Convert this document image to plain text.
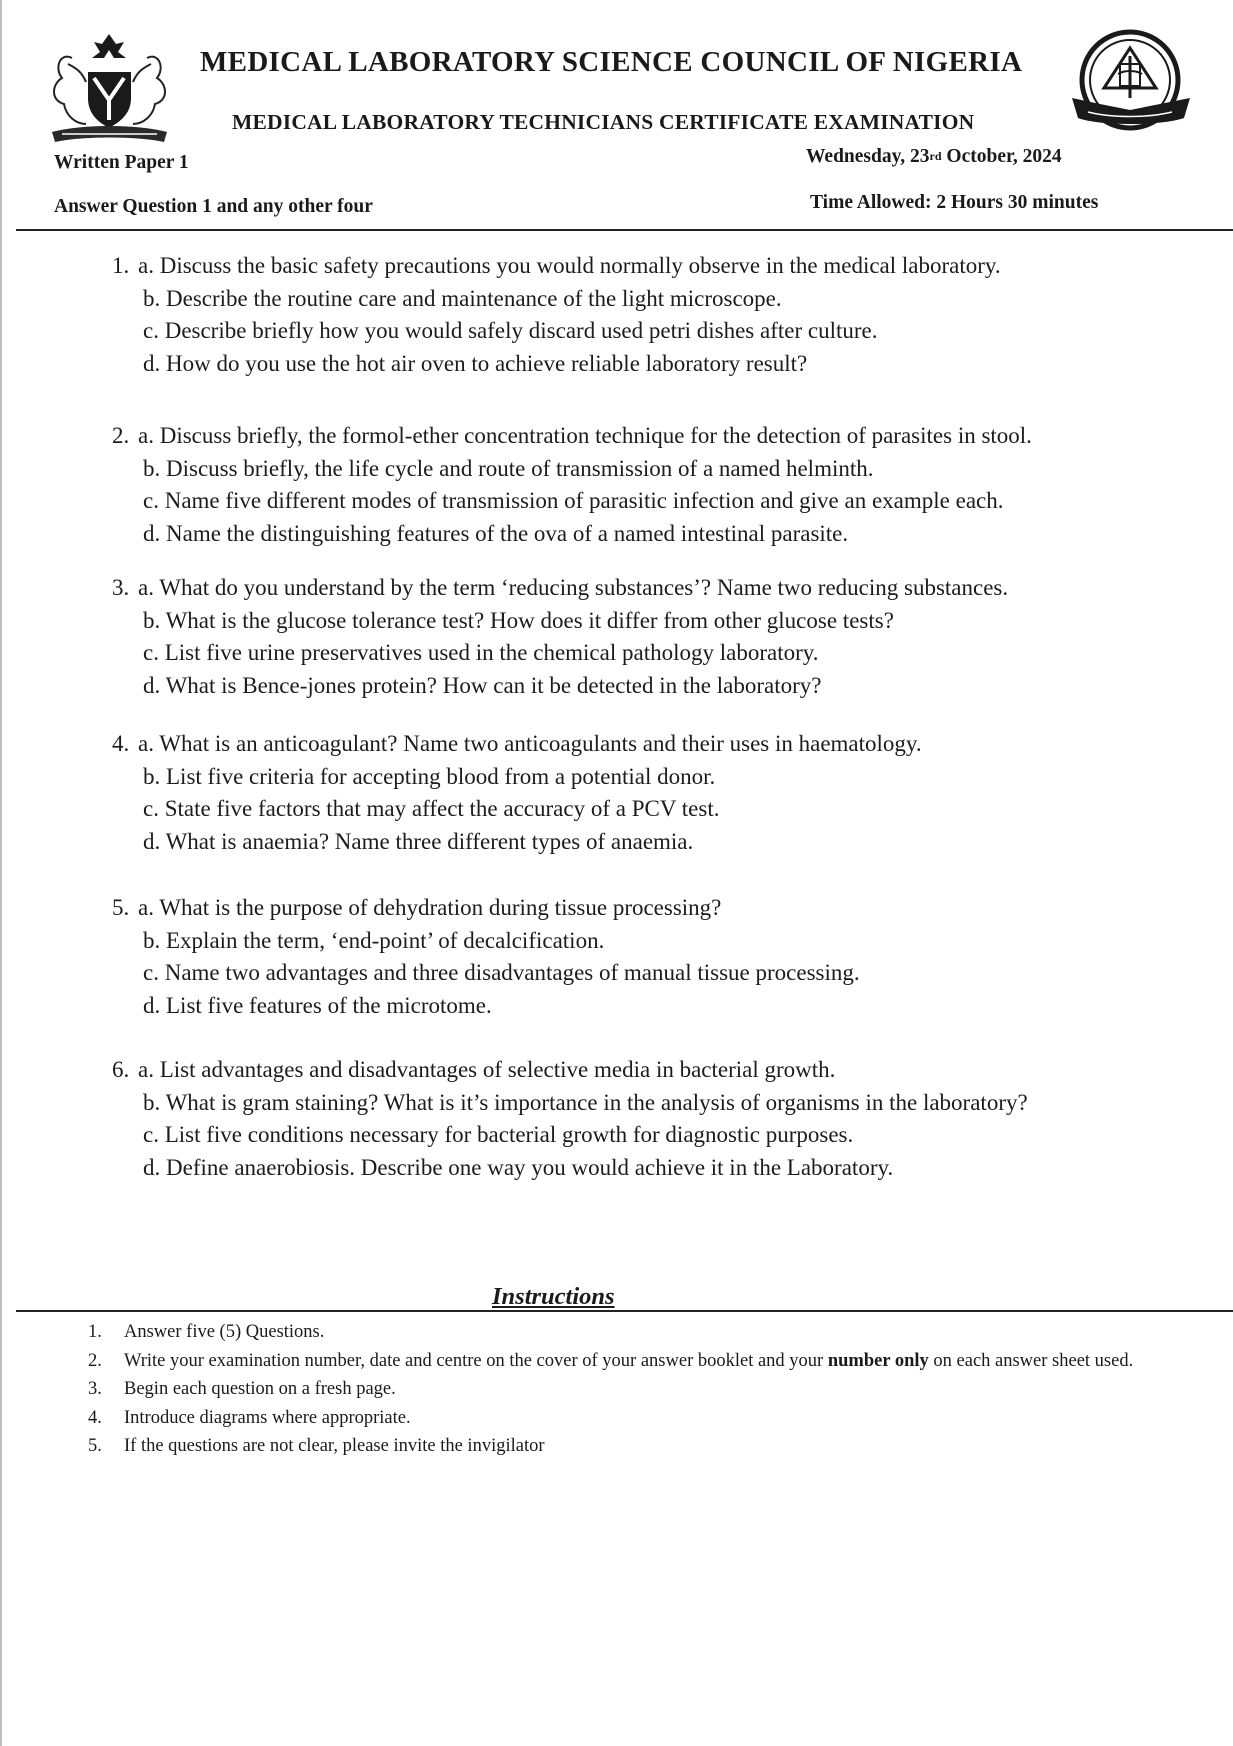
MEDICAL LABORATORY SCIENCE COUNCIL OF NIGERIA
MEDICAL LABORATORY TECHNICIANS CERTIFICATE EXAMINATION
Written Paper 1	Wednesday, 23rd October, 2024
Answer Question 1 and any other four	Time Allowed: 2 Hours 30 minutes
1. a. Discuss the basic safety precautions you would normally observe in the medical laboratory.
b. Describe the routine care and maintenance of the light microscope.
c. Describe briefly how you would safely discard used petri dishes after culture.
d. How do you use the hot air oven to achieve reliable laboratory result?
2. a. Discuss briefly, the formol-ether concentration technique for the detection of parasites in stool.
b. Discuss briefly, the life cycle and route of transmission of a named helminth.
c. Name five different modes of transmission of parasitic infection and give an example each.
d. Name the distinguishing features of the ova of a named intestinal parasite.
3. a. What do you understand by the term ‘reducing substances’? Name two reducing substances.
b. What is the glucose tolerance test? How does it differ from other glucose tests?
c. List five urine preservatives used in the chemical pathology laboratory.
d. What is Bence-jones protein? How can it be detected in the laboratory?
4. a. What is an anticoagulant? Name two anticoagulants and their uses in haematology.
b. List five criteria for accepting blood from a potential donor.
c. State five factors that may affect the accuracy of a PCV test.
d. What is anaemia? Name three different types of anaemia.
5. a. What is the purpose of dehydration during tissue processing?
b. Explain the term, ‘end-point’ of decalcification.
c. Name two advantages and three disadvantages of manual tissue processing.
d. List five features of the microtome.
6. a. List advantages and disadvantages of selective media in bacterial growth.
b. What is gram staining? What is it’s importance in the analysis of organisms in the laboratory?
c. List five conditions necessary for bacterial growth for diagnostic purposes.
d. Define anaerobiosis. Describe one way you would achieve it in the Laboratory.
Instructions
1. Answer five (5) Questions.
2. Write your examination number, date and centre on the cover of your answer booklet and your number only on each answer sheet used.
3. Begin each question on a fresh page.
4. Introduce diagrams where appropriate.
5. If the questions are not clear, please invite the invigilator
